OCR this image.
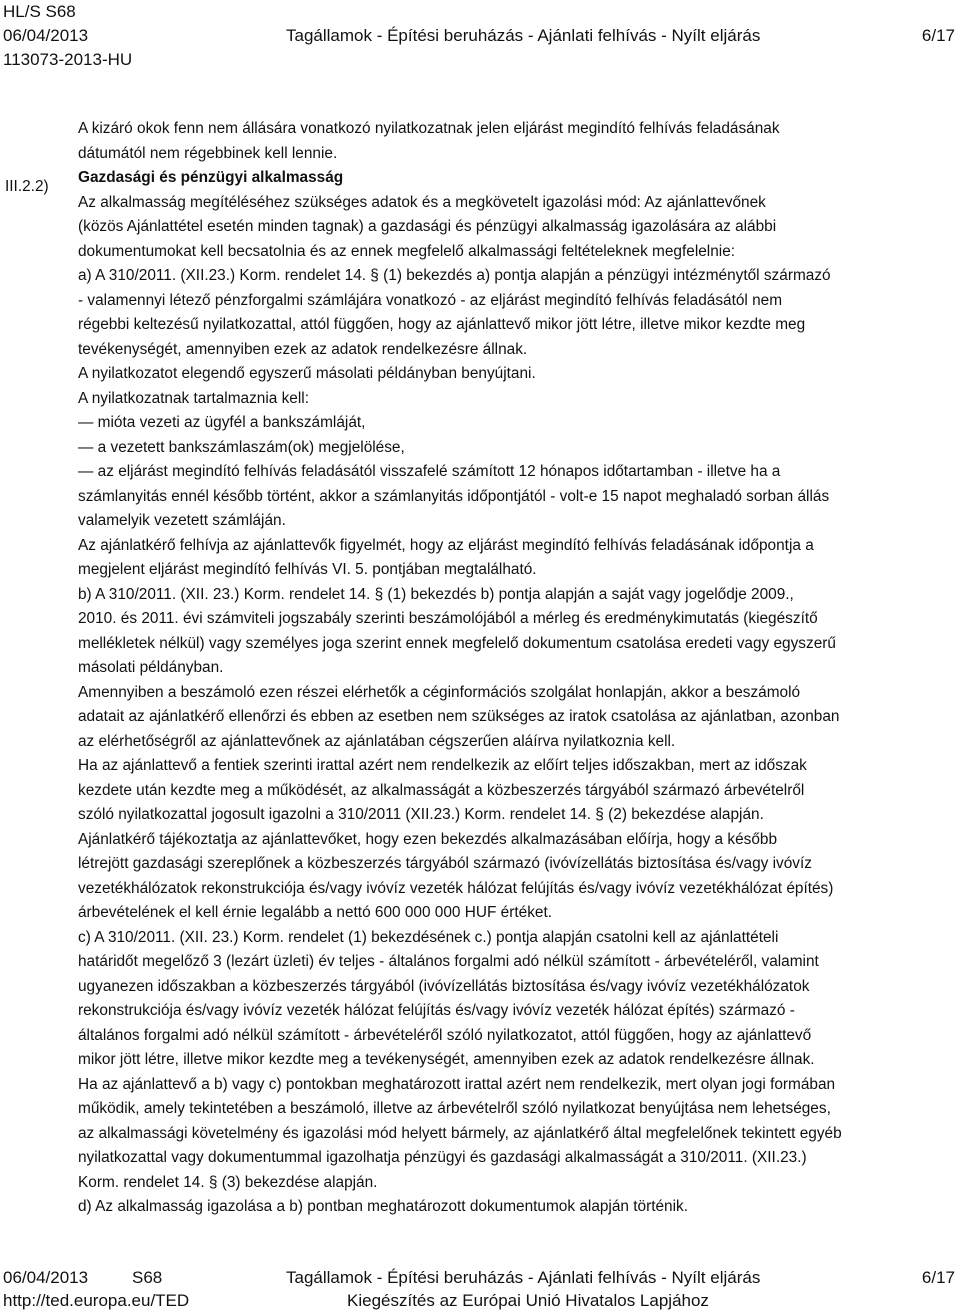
HL/S S68
06/04/2013	Tagállamok - Építési beruházás - Ajánlati felhívás - Nyílt eljárás	6/17
113073-2013-HU
III.2.2)

A kizáró okok fenn nem állására vonatkozó nyilatkozatnak jelen eljárást megindító felhívás feladásának

dátumától nem régebbinek kell lennie.

Gazdasági és pénzügyi alkalmasság

Az alkalmasság megítéléséhez szükséges adatok és a megkövetelt igazolási mód: Az ajánlattevőnek

(közös Ajánlattétel esetén minden tagnak) a gazdasági és pénzügyi alkalmasság igazolására az alábbi

dokumentumokat kell becsatolnia és az ennek megfelelő alkalmassági feltételeknek megfelelnie:

a) A 310/2011. (XII.23.) Korm. rendelet 14. § (1) bekezdés a) pontja alapján a pénzügyi intézménytől származó

- valamennyi létező pénzforgalmi számlájára vonatkozó - az eljárást megindító felhívás feladásától nem

régebbi keltezésű nyilatkozattal, attól függően, hogy az ajánlattevő mikor jött létre, illetve mikor kezdte meg

tevékenységét, amennyiben ezek az adatok rendelkezésre állnak.

A nyilatkozatot elegendő egyszerű másolati példányban benyújtani.

A nyilatkozatnak tartalmaznia kell:

— mióta vezeti az ügyfél a bankszámláját,

— a vezetett bankszámlaszám(ok) megjelölése,

— az eljárást megindító felhívás feladásától visszafelé számított 12 hónapos időtartamban - illetve ha a

számlanyitás ennél később történt, akkor a számlanyitás időpontjától - volt-e 15 napot meghaladó sorban állás

valamelyik vezetett számláján.

Az ajánlatkérő felhívja az ajánlattevők figyelmét, hogy az eljárást megindító felhívás feladásának időpontja a

megjelent eljárást megindító felhívás VI. 5. pontjában megtalálható.

b) A 310/2011. (XII. 23.) Korm. rendelet 14. § (1) bekezdés b) pontja alapján a saját vagy jogelődje 2009.,

2010. és 2011. évi számviteli jogszabály szerinti beszámolójából a mérleg és eredménykimutatás (kiegészítő

mellékletek nélkül) vagy személyes joga szerint ennek megfelelő dokumentum csatolása eredeti vagy egyszerű

másolati példányban.

Amennyiben a beszámoló ezen részei elérhetők a céginformációs szolgálat honlapján, akkor a beszámoló

adatait az ajánlatkérő ellenőrzi és ebben az esetben nem szükséges az iratok csatolása az ajánlatban, azonban

az elérhetőségről az ajánlattevőnek az ajánlatában cégszerűen aláírva nyilatkoznia kell.

Ha az ajánlattevő a fentiek szerinti irattal azért nem rendelkezik az előírt teljes időszakban, mert az időszak

kezdete után kezdte meg a működését, az alkalmasságát a közbeszerzés tárgyából származó árbevételről

szóló nyilatkozattal jogosult igazolni a 310/2011 (XII.23.) Korm. rendelet 14. § (2) bekezdése alapján.

Ajánlatkérő tájékoztatja az ajánlattevőket, hogy ezen bekezdés alkalmazásában előírja, hogy a később

létrejött gazdasági szereplőnek a közbeszerzés tárgyából származó (ivóvízellátás biztosítása és/vagy ivóvíz

vezetékhálózatok rekonstrukciója és/vagy ivóvíz vezeték hálózat felújítás és/vagy ivóvíz vezetékhálózat építés)

árbevételének el kell érnie legalább a nettó 600 000 000 HUF értéket.

c) A 310/2011. (XII. 23.) Korm. rendelet (1) bekezdésének c.) pontja alapján csatolni kell az ajánlattételi

határidőt megelőző 3 (lezárt üzleti) év teljes - általános forgalmi adó nélkül számított - árbevételéről, valamint

ugyanezen időszakban a közbeszerzés tárgyából (ivóvízellátás biztosítása és/vagy ivóvíz vezetékhálózatok

rekonstrukciója és/vagy ivóvíz vezeték hálózat felújítás és/vagy ivóvíz vezeték hálózat építés) származó -

általános forgalmi adó nélkül számított - árbevételéről szóló nyilatkozatot, attól függően, hogy az ajánlattevő

mikor jött létre, illetve mikor kezdte meg a tevékenységét, amennyiben ezek az adatok rendelkezésre állnak.

Ha az ajánlattevő a b) vagy c) pontokban meghatározott irattal azért nem rendelkezik, mert olyan jogi formában

működik, amely tekintetében a beszámoló, illetve az árbevételről szóló nyilatkozat benyújtása nem lehetséges,

az alkalmassági követelmény és igazolási mód helyett bármely, az ajánlatkérő által megfelelőnek tekintett egyéb

nyilatkozattal vagy dokumentummal igazolhatja pénzügyi és gazdasági alkalmasságát a 310/2011. (XII.23.)

Korm. rendelet 14. § (3) bekezdése alapján.

d) Az alkalmasság igazolása a b) pontban meghatározott dokumentumok alapján történik.

06/04/2013	S68	Tagállamok - Építési beruházás - Ajánlati felhívás - Nyílt eljárás	6/17
http://ted.europa.eu/TED	Kiegészítés az Európai Unió Hivatalos Lapjához
